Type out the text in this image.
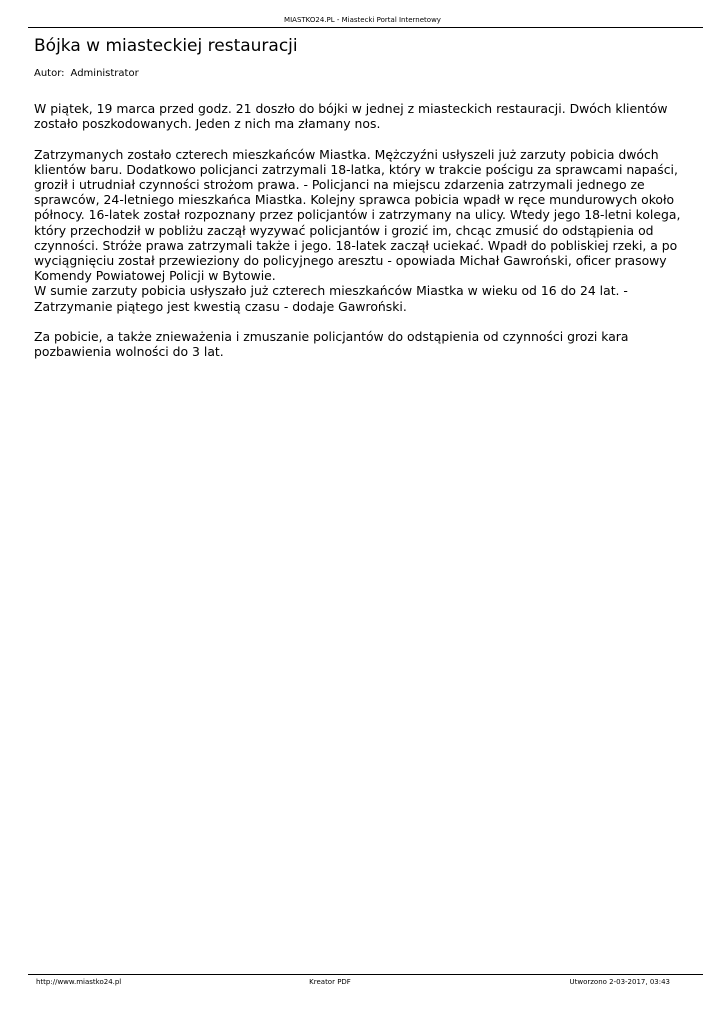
MIASTKO24.PL - Miastecki Portal Internetowy
Bójka w miasteckiej restauracji
Autor: Administrator

W piątek, 19 marca przed godz. 21 doszło do bójki w jednej z miasteckich restauracji. Dwóch klientów zostało poszkodowanych. Jeden z nich ma złamany nos.

Zatrzymanych zostało czterech mieszkańców Miastka. Mężczyźni usłyszeli już zarzuty pobicia dwóch klientów baru. Dodatkowo policjanci zatrzymali 18-latka, który w trakcie pościgu za sprawcami napaści, groził i utrudniał czynności strożom prawa. - Policjanci na miejscu zdarzenia zatrzymali jednego ze sprawców, 24-letniego mieszkańca Miastka. Kolejny sprawca pobicia wpadł w ręce mundurowych około północy. 16-latek został rozpoznany przez policjantów i zatrzymany na ulicy. Wtedy jego 18-letni kolega, który przechodził w pobliżu zaczął wyzywać policjantów i grozić im, chcąc zmusić do odstąpienia od czynności. Stróże prawa zatrzymali także i jego. 18-latek zaczął uciekać. Wpadł do pobliskiej rzeki, a po wyciągnięciu został przewieziony do policyjnego aresztu - opowiada Michał Gawroński, oficer prasowy Komendy Powiatowej Policji w Bytowie.

W sumie zarzuty pobicia usłyszało już czterech mieszkańców Miastka w wieku od 16 do 24 lat. - Zatrzymanie piątego jest kwestią czasu - dodaje Gawroński.

Za pobicie, a także znieważenia i zmuszanie policjantów do odstąpienia od czynności grozi kara pozbawienia wolności do 3 lat.

http://www.miastko24.pl	Kreator PDF	Utworzono 2-03-2017, 03:43
